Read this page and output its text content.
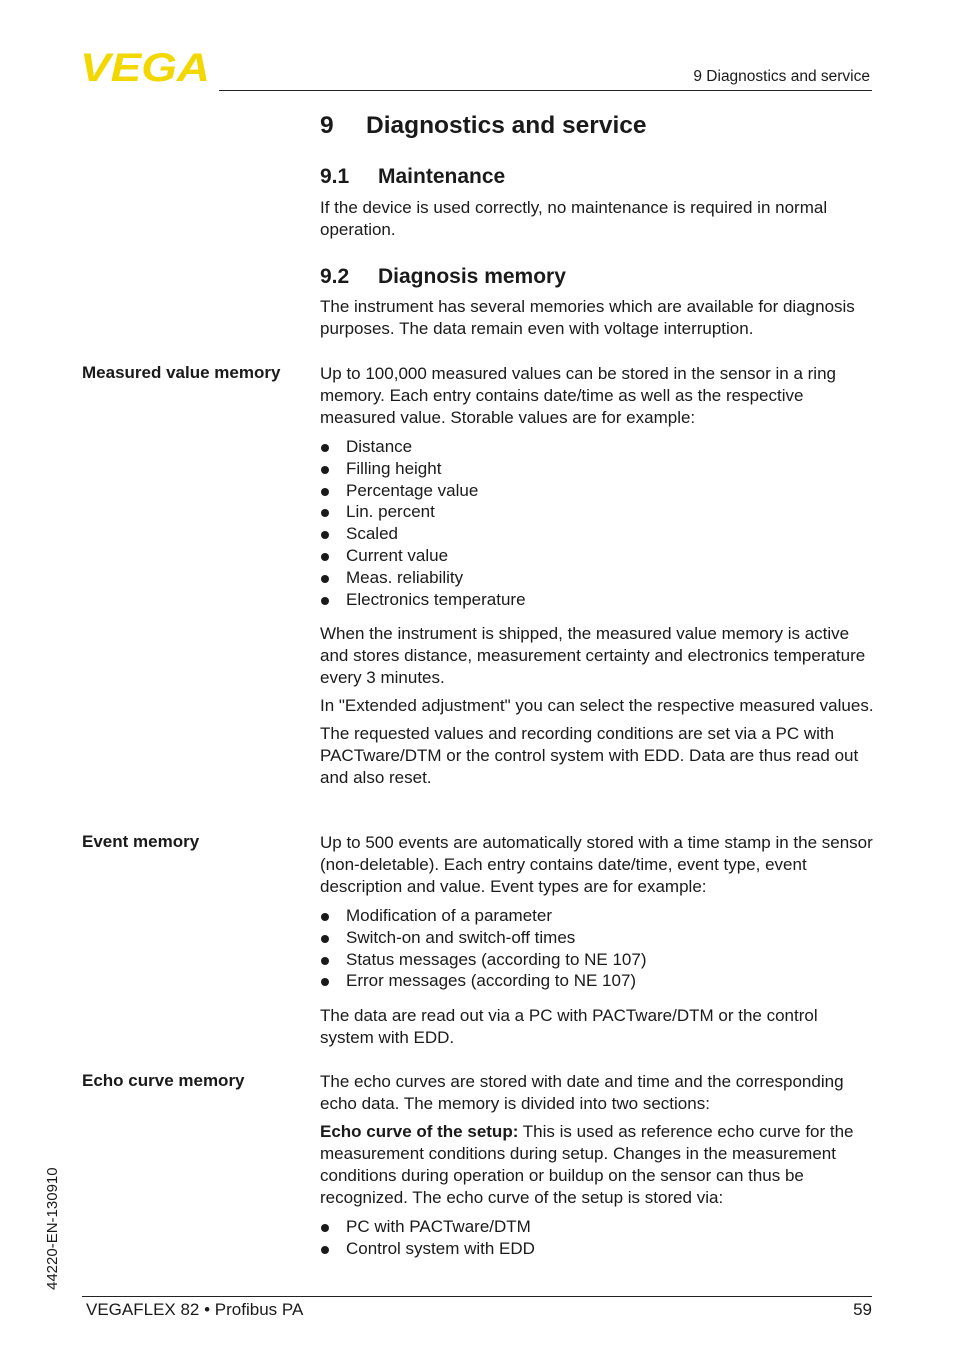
VEGA	9 Diagnostics and service
9 Diagnostics and service
9.1 Maintenance

If the device is used correctly, no maintenance is required in normal operation.

9.2 Diagnosis memory

The instrument has several memories which are available for diagnosis purposes. The data remain even with voltage interruption.

Measured value memory Up to 100,000 measured values can be stored in the sensor in a ring memory. Each entry contains date/time as well as the respective measured value. Storable values are for example:

Distance
Filling height
Percentage value
Lin. percent
Scaled
Current value
Meas. reliability
Electronics temperature

When the instrument is shipped, the measured value memory is active and stores distance, measurement certainty and electronics temperature every 3 minutes.

In "Extended adjustment" you can select the respective measured values.

The requested values and recording conditions are set via a PC with PACTware/DTM or the control system with EDD. Data are thus read out and also reset.

Event memory	Up to 500 events are automatically stored with a time stamp in the sensor (non-deletable). Each entry contains date/time, event type, event description and value. Event types are for example:

Modification of a parameter
Switch-on and switch-off times
Status messages (according to NE 107)
Error messages (according to NE 107)

The data are read out via a PC with PACTware/DTM or the control system with EDD.

Echo curve memory	The echo curves are stored with date and time and the corresponding echo data. The memory is divided into two sections:

Echo curve of the setup: This is used as reference echo curve for the measurement conditions during setup. Changes in the measurement conditions during operation or buildup on the sensor can thus be recognized. The echo curve of the setup is stored via:

PC with PACTware/DTM
Control system with EDD
44220-EN-130910
VEGAFLEX 82 • Profibus PA	59
